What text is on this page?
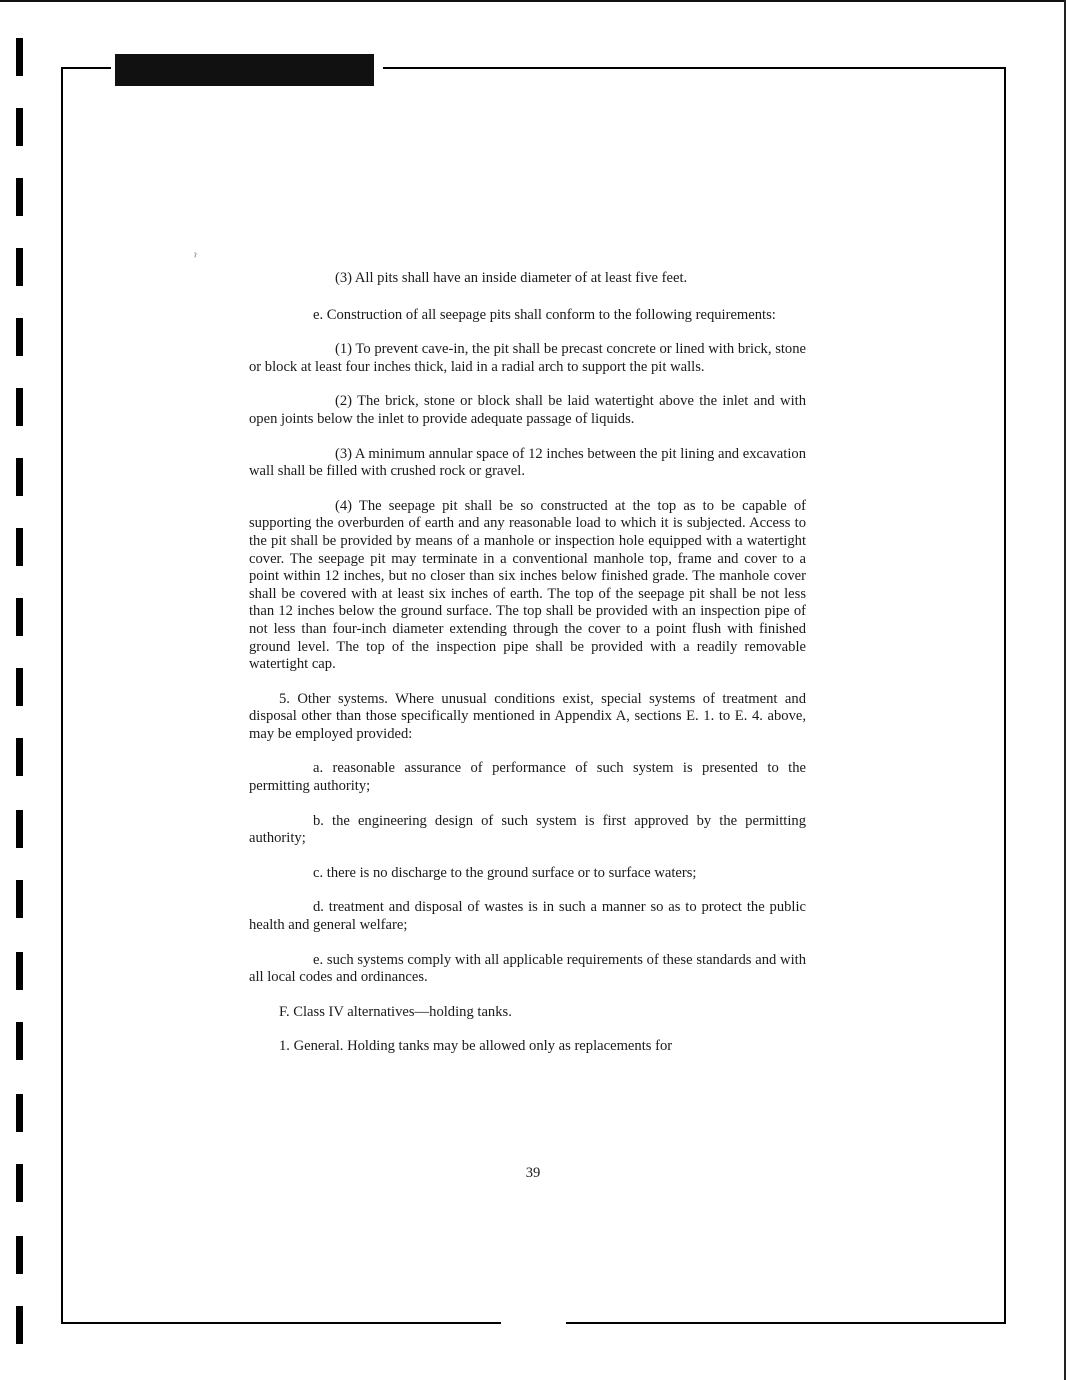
ˀ

(3) All pits shall have an inside diameter of at least five feet.

e. Construction of all seepage pits shall conform to the following requirements:

(1) To prevent cave-in, the pit shall be precast concrete or lined with brick, stone or block at least four inches thick, laid in a radial arch to support the pit walls.

(2) The brick, stone or block shall be laid watertight above the inlet and with open joints below the inlet to provide adequate passage of liquids.

(3) A minimum annular space of 12 inches between the pit lining and excavation wall shall be filled with crushed rock or gravel.

(4) The seepage pit shall be so constructed at the top as to be capable of supporting the overburden of earth and any reasonable load to which it is subjected. Access to the pit shall be provided by means of a manhole or inspection hole equipped with a watertight cover. The seepage pit may terminate in a conventional manhole top, frame and cover to a point within 12 inches, but no closer than six inches below finished grade. The manhole cover shall be covered with at least six inches of earth. The top of the seepage pit shall be not less than 12 inches below the ground surface. The top shall be provided with an inspection pipe of not less than four-inch diameter extending through the cover to a point flush with finished ground level. The top of the inspection pipe shall be provided with a readily removable watertight cap.

5. Other systems. Where unusual conditions exist, special systems of treatment and disposal other than those specifically mentioned in Appendix A, sections E. 1. to E. 4. above, may be employed provided:

a. reasonable assurance of performance of such system is presented to the permitting authority;

b. the engineering design of such system is first approved by the permitting authority;

c. there is no discharge to the ground surface or to surface waters;

d. treatment and disposal of wastes is in such a manner so as to protect the public health and general welfare;

e. such systems comply with all applicable requirements of these standards and with all local codes and ordinances.

F. Class IV alternatives—holding tanks.

1. General. Holding tanks may be allowed only as replacements for

39
